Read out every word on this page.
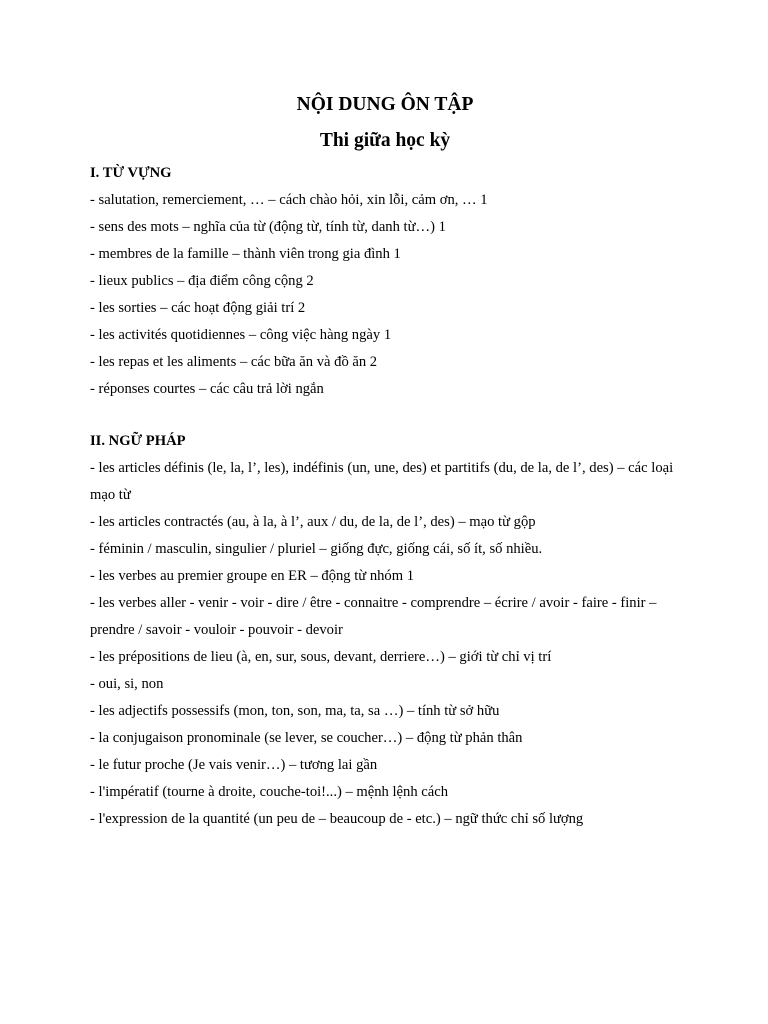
NỘI DUNG ÔN TẬP
Thi giữa học kỳ
I. TỪ VỰNG
- salutation, remerciement, … – cách chào hỏi, xin lỗi, cảm ơn, … 1
- sens des mots – nghĩa của từ (động từ, tính từ, danh từ…) 1
- membres de la famille – thành viên trong gia đình 1
- lieux publics – địa điểm công cộng 2
- les sorties – các hoạt động giải trí 2
- les activités quotidiennes – công việc hàng ngày 1
- les repas et les aliments – các bữa ăn và đồ ăn 2
- réponses courtes – các câu trả lời ngắn
II. NGỮ PHÁP
- les articles définis (le, la, l’, les), indéfinis (un, une, des) et partitifs (du, de la, de l’, des) – các loại mạo từ
- les articles contractés (au, à la, à l’, aux / du, de la, de l’, des) – mạo từ gộp
- féminin / masculin, singulier / pluriel – giống đực, giống cái, số ít, số nhiều.
- les verbes au premier groupe en ER – động từ nhóm 1
- les verbes aller - venir - voir - dire / être - connaitre - comprendre – écrire / avoir - faire - finir – prendre / savoir - vouloir - pouvoir - devoir
- les prépositions de lieu (à, en, sur, sous, devant, derriere…) – giới từ chỉ vị trí
- oui, si, non
- les adjectifs possessifs (mon, ton, son, ma, ta, sa …) – tính từ sở hữu
- la conjugaison pronominale (se lever, se coucher…) – động từ phản thân
- le futur proche (Je vais venir…) – tương lai gần
- l'impératif (tourne à droite, couche-toi!...) – mệnh lệnh cách
- l'expression de la quantité (un peu de – beaucoup de - etc.) – ngữ thức chỉ số lượng
